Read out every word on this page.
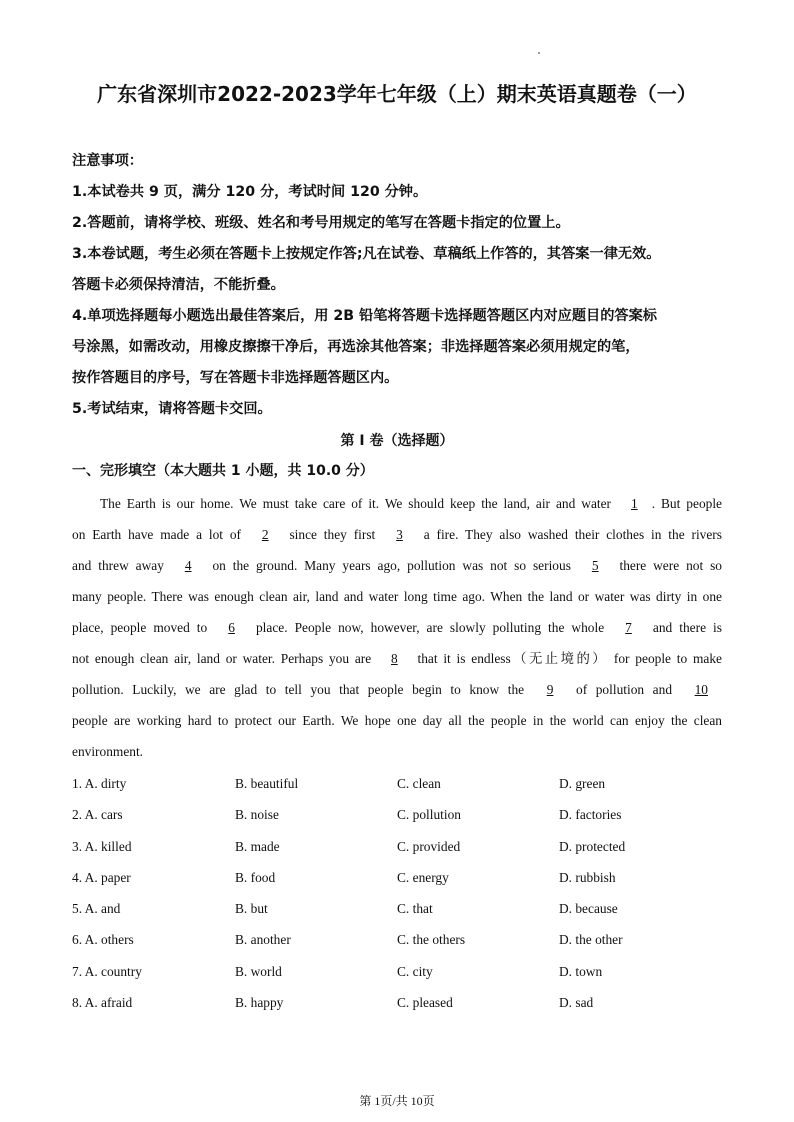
广东省深圳市2022-2023学年七年级（上）期末英语真题卷（一）
注意事项：
1.本试卷共 9 页，满分 120 分，考试时间 120 分钟。
2.答题前，请将学校、班级、姓名和考号用规定的笔写在答题卡指定的位置上。
3.本卷试题，考生必须在答题卡上按规定作答;凡在试卷、草稿纸上作答的，其答案一律无效。
答题卡必须保持清洁，不能折叠。
4.单项选择题每小题选出最佳答案后，用 2B 铅笔将答题卡选择题答题区内对应题目的答案标
号涂黑，如需改动，用橡皮擦擦干净后，再选涂其他答案；非选择题答案必须用规定的笔，
按作答题目的序号，写在答题卡非选择题答题区内。
5.考试结束，请将答题卡交回。
第 I 卷（选择题）
一、完形填空（本大题共 1 小题，共 10.0 分）
The Earth is our home. We must take care of it. We should keep the land, air and water 1 . But people
on Earth have made a lot of 2 since they first 3 a fire. They also washed their clothes in the rivers
and threw away 4 on the ground. Many years ago, pollution was not so serious 5 there were not so
many people. There was enough clean air, land and water long time ago. When the land or water was dirty in one
place, people moved to 6 place. People now, however, are slowly polluting the whole 7 and there is
not enough clean air, land or water. Perhaps you are 8 that it is endless（无止境的） for people to make
pollution. Luckily, we are glad to tell you that people begin to know the 9 of pollution and 10
people are working hard to protect our Earth. We hope one day all the people in the world can enjoy the clean
environment.
1. A. dirty	B. beautiful	C. clean	D. green
2. A. cars	B. noise	C. pollution	D. factories
3. A. killed	B. made	C. provided	D. protected
4. A. paper	B. food	C. energy	D. rubbish
5. A. and	B. but	C. that	D. because
6. A. others	B. another	C. the others	D. the other
7. A. country	B. world	C. city	D. town
8. A. afraid	B. happy	C. pleased	D. sad
第 1页/共 10页
